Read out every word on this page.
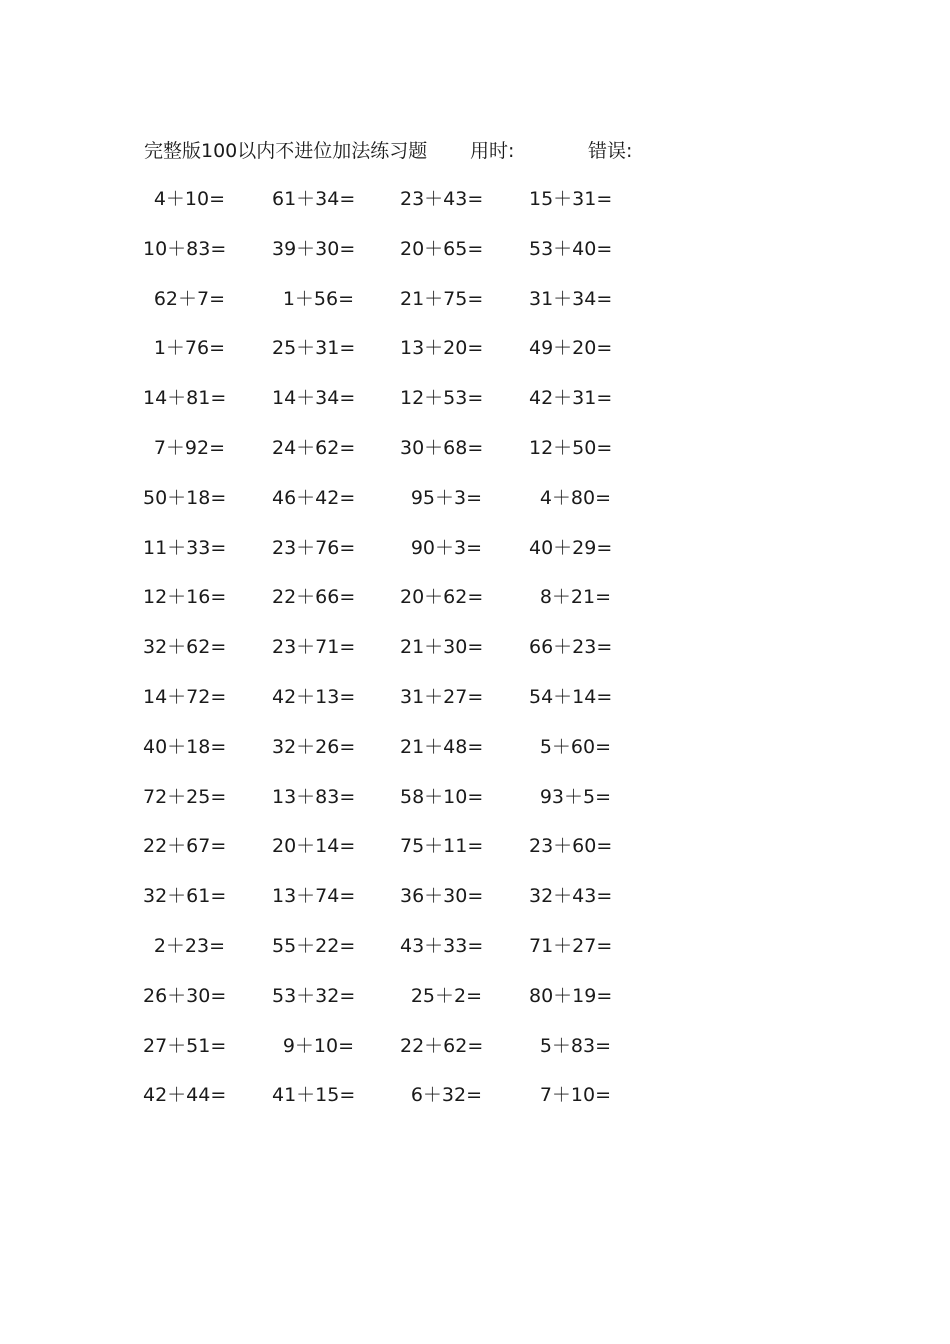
完整版100以内不进位加法练习题 用时:	错误:
4＋10= 61＋34= 23＋43= 15＋31=
10＋83= 39＋30= 20＋65= 53＋40=
62＋7=	1＋56= 21＋75= 31＋34=
1＋76= 25＋31= 13＋20= 49＋20=
14＋81= 14＋34= 12＋53= 42＋31=
7＋92= 24＋62= 30＋68= 12＋50=
50＋18= 46＋42=	95＋3=	4＋80=
11＋33= 23＋76=	90＋3= 40＋29=
12＋16= 22＋66= 20＋62=	8＋21=
32＋62= 23＋71= 21＋30= 66＋23=
14＋72= 42＋13= 31＋27= 54＋14=
40＋18= 32＋26= 21＋48=	5＋60=
72＋25= 13＋83= 58＋10=	93＋5=
22＋67= 20＋14= 75＋11= 23＋60=
32＋61= 13＋74= 36＋30= 32＋43=
2＋23= 55＋22= 43＋33= 71＋27=
26＋30= 53＋32=	25＋2= 80＋19=
27＋51=	9＋10= 22＋62=	5＋83=
42＋44= 41＋15=	6＋32=	7＋10=
